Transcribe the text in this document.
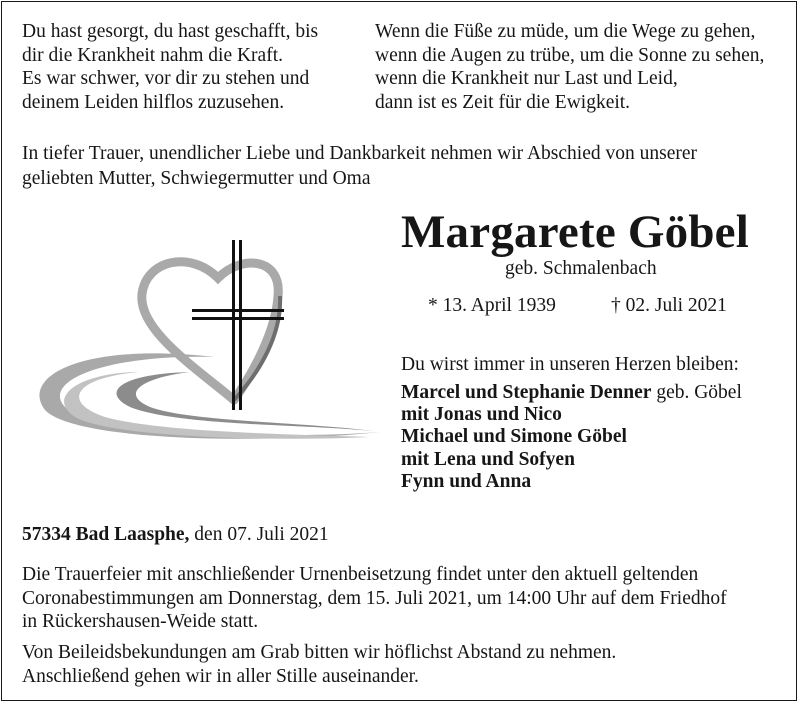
Du hast gesorgt, du hast geschafft, bis
dir die Krankheit nahm die Kraft.
Es war schwer, vor dir zu stehen und
deinem Leiden hilflos zuzusehen.
Wenn die Füße zu müde, um die Wege zu gehen,
wenn die Augen zu trübe, um die Sonne zu sehen,
wenn die Krankheit nur Last und Leid,
dann ist es Zeit für die Ewigkeit.
In tiefer Trauer, unendlicher Liebe und Dankbarkeit nehmen wir Abschied von unserer
geliebten Mutter, Schwiegermutter und Oma
Margarete Göbel
geb. Schmalenbach
* 13. April 1939	† 02. Juli 2021
Du wirst immer in unseren Herzen bleiben:
Marcel und Stephanie Denner geb. Göbel
mit Jonas und Nico
Michael und Simone Göbel
mit Lena und Sofyen
Fynn und Anna
57334 Bad Laasphe, den 07. Juli 2021
Die Trauerfeier mit anschließender Urnenbeisetzung findet unter den aktuell geltenden
Coronabestimmungen am Donnerstag, dem 15. Juli 2021, um 14:00 Uhr auf dem Friedhof
in Rückershausen-Weide statt.
Von Beileidsbekundungen am Grab bitten wir höflichst Abstand zu nehmen.
Anschließend gehen wir in aller Stille auseinander.
